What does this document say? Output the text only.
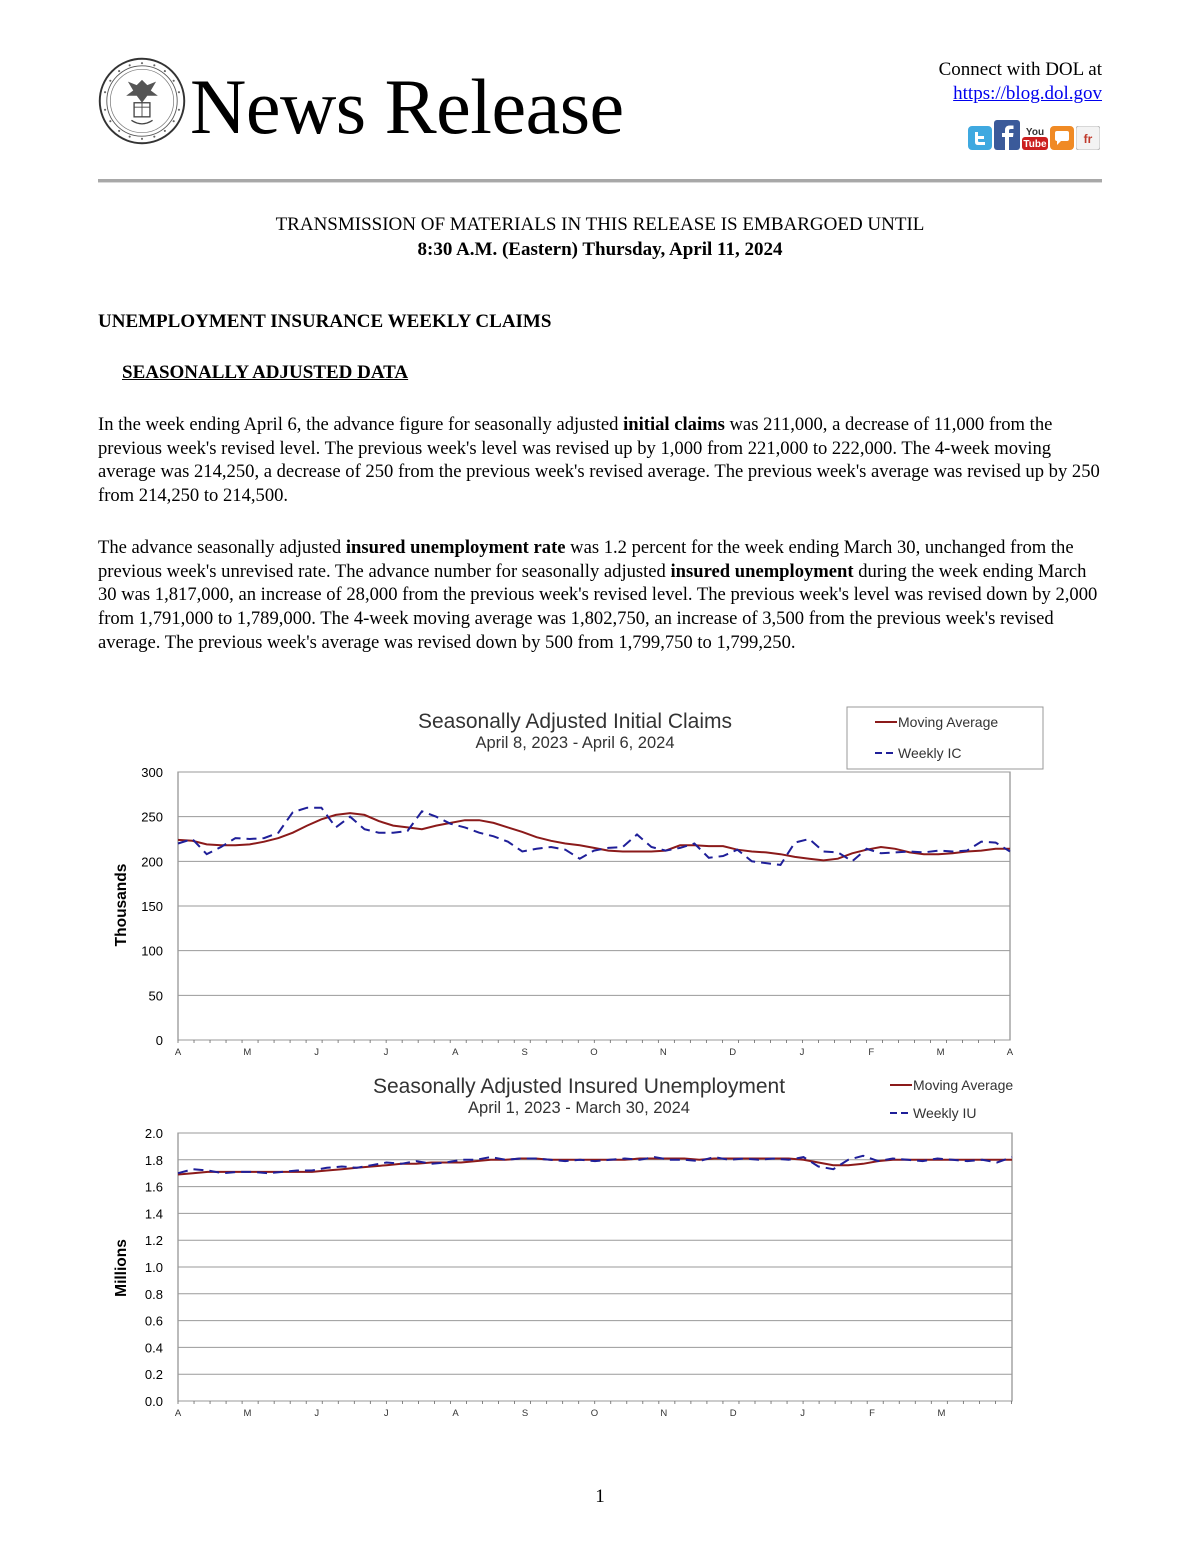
News Release	Connect with DOL at
https://blog.dol.gov
You
Tube	fr
TRANSMISSION OF MATERIALS IN THIS RELEASE IS EMBARGOED UNTIL
8:30 A.M. (Eastern) Thursday, April 11, 2024
UNEMPLOYMENT INSURANCE WEEKLY CLAIMS
SEASONALLY ADJUSTED DATA

In the week ending April 6, the advance figure for seasonally adjusted initial claims was 211,000, a decrease of 11,000 from the previous week's revised level. The previous week's level was revised up by 1,000 from 221,000 to 222,000. The 4-week moving average was 214,250, a decrease of 250 from the previous week's revised average. The previous week's average was revised up by 250 from 214,250 to 214,500.

The advance seasonally adjusted insured unemployment rate was 1.2 percent for the week ending March 30, unchanged from the previous week's unrevised rate. The advance number for seasonally adjusted insured unemployment during the week ending March 30 was 1,817,000, an increase of 28,000 from the previous week's revised level. The previous week's level was revised down by 2,000 from 1,791,000 to 1,789,000. The 4-week moving average was 1,802,750, an increase of 3,500 from the previous week's revised average. The previous week's average was revised down by 500 from 1,799,750 to 1,799,250.

Seasonally Adjusted Initial Claims
April 8, 2023 - April 6, 2024
Moving Average
Weekly IC
Thousands
0
50
100
150
200
250
300
A	M	J	J	A	S	O	N	D	J	F	M	A
Seasonally Adjusted Insured Unemployment
April 1, 2023 - March 30, 2024
Moving Average
Weekly IU
Millions
0.0
0.2
0.4
0.6
0.8
1.0
1.2
1.4
1.6
1.8
2.0
A	M	J	J	A	S	O	N	D	J	F	M
1
